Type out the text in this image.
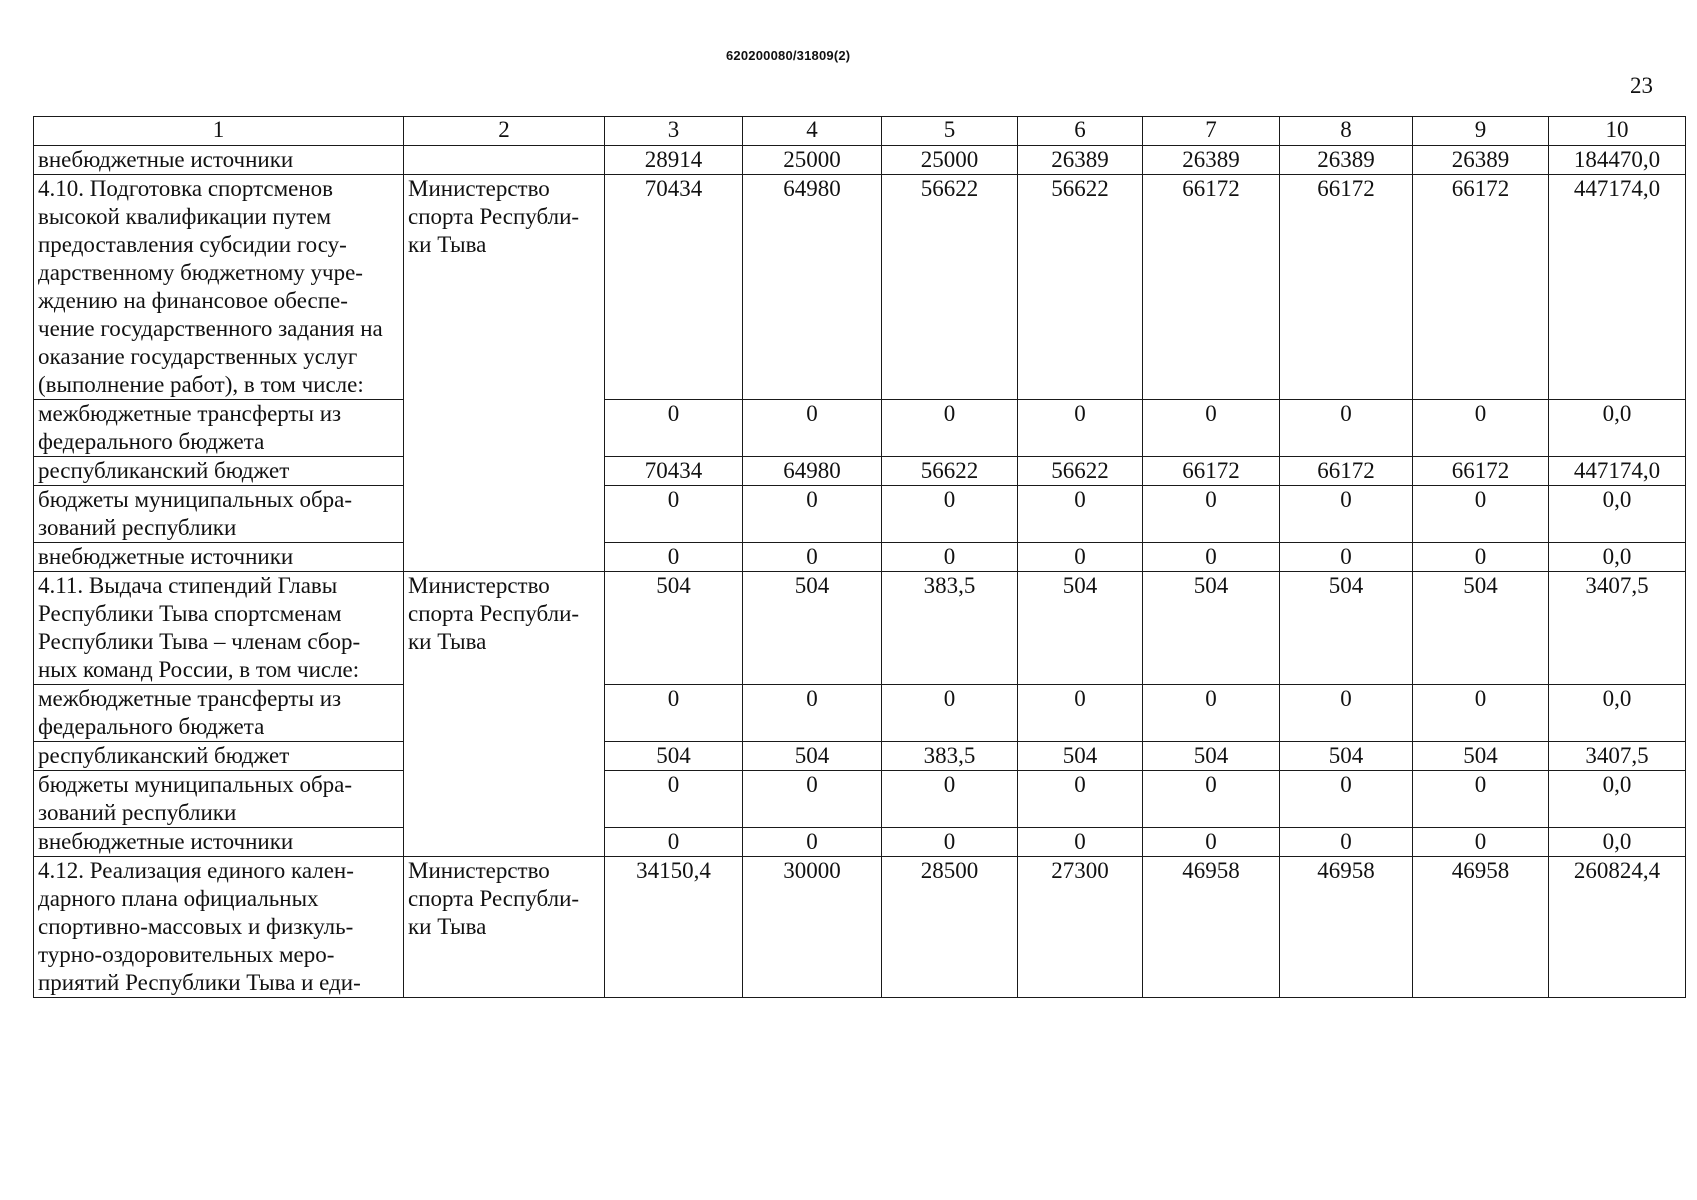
620200080/31809(2)
23
1	2	3	4	5	6	7	8	9	10
внебюджетные источники		28914	25000	25000	26389	26389	26389	26389	184470,0
4.10. Подготовка спортсменов высокой квалификации путем предоставления субсидии госу-дарственному бюджетному учре-ждению на финансовое обеспе-чение государственного задания на оказание государственных услуг (выполнение работ), в том числе:	Министерство спорта Республи-ки Тыва	70434	64980	56622	56622	66172	66172	66172	447174,0
межбюджетные трансферты из федерального бюджета		0	0	0	0	0	0	0	0,0
республиканский бюджет		70434	64980	56622	56622	66172	66172	66172	447174,0
бюджеты муниципальных обра-зований республики		0	0	0	0	0	0	0	0,0
внебюджетные источники		0	0	0	0	0	0	0	0,0
4.11. Выдача стипендий Главы Республики Тыва спортсменам Республики Тыва – членам сбор-ных команд России, в том числе:	Министерство спорта Республи-ки Тыва	504	504	383,5	504	504	504	504	3407,5
межбюджетные трансферты из федерального бюджета		0	0	0	0	0	0	0	0,0
республиканский бюджет		504	504	383,5	504	504	504	504	3407,5
бюджеты муниципальных обра-зований республики		0	0	0	0	0	0	0	0,0
внебюджетные источники		0	0	0	0	0	0	0	0,0
4.12. Реализация единого кален-дарного плана официальных спортивно-массовых и физкуль-турно-оздоровительных меро-приятий Республики Тыва и еди-	Министерство спорта Республи-ки Тыва	34150,4	30000	28500	27300	46958	46958	46958	260824,4
